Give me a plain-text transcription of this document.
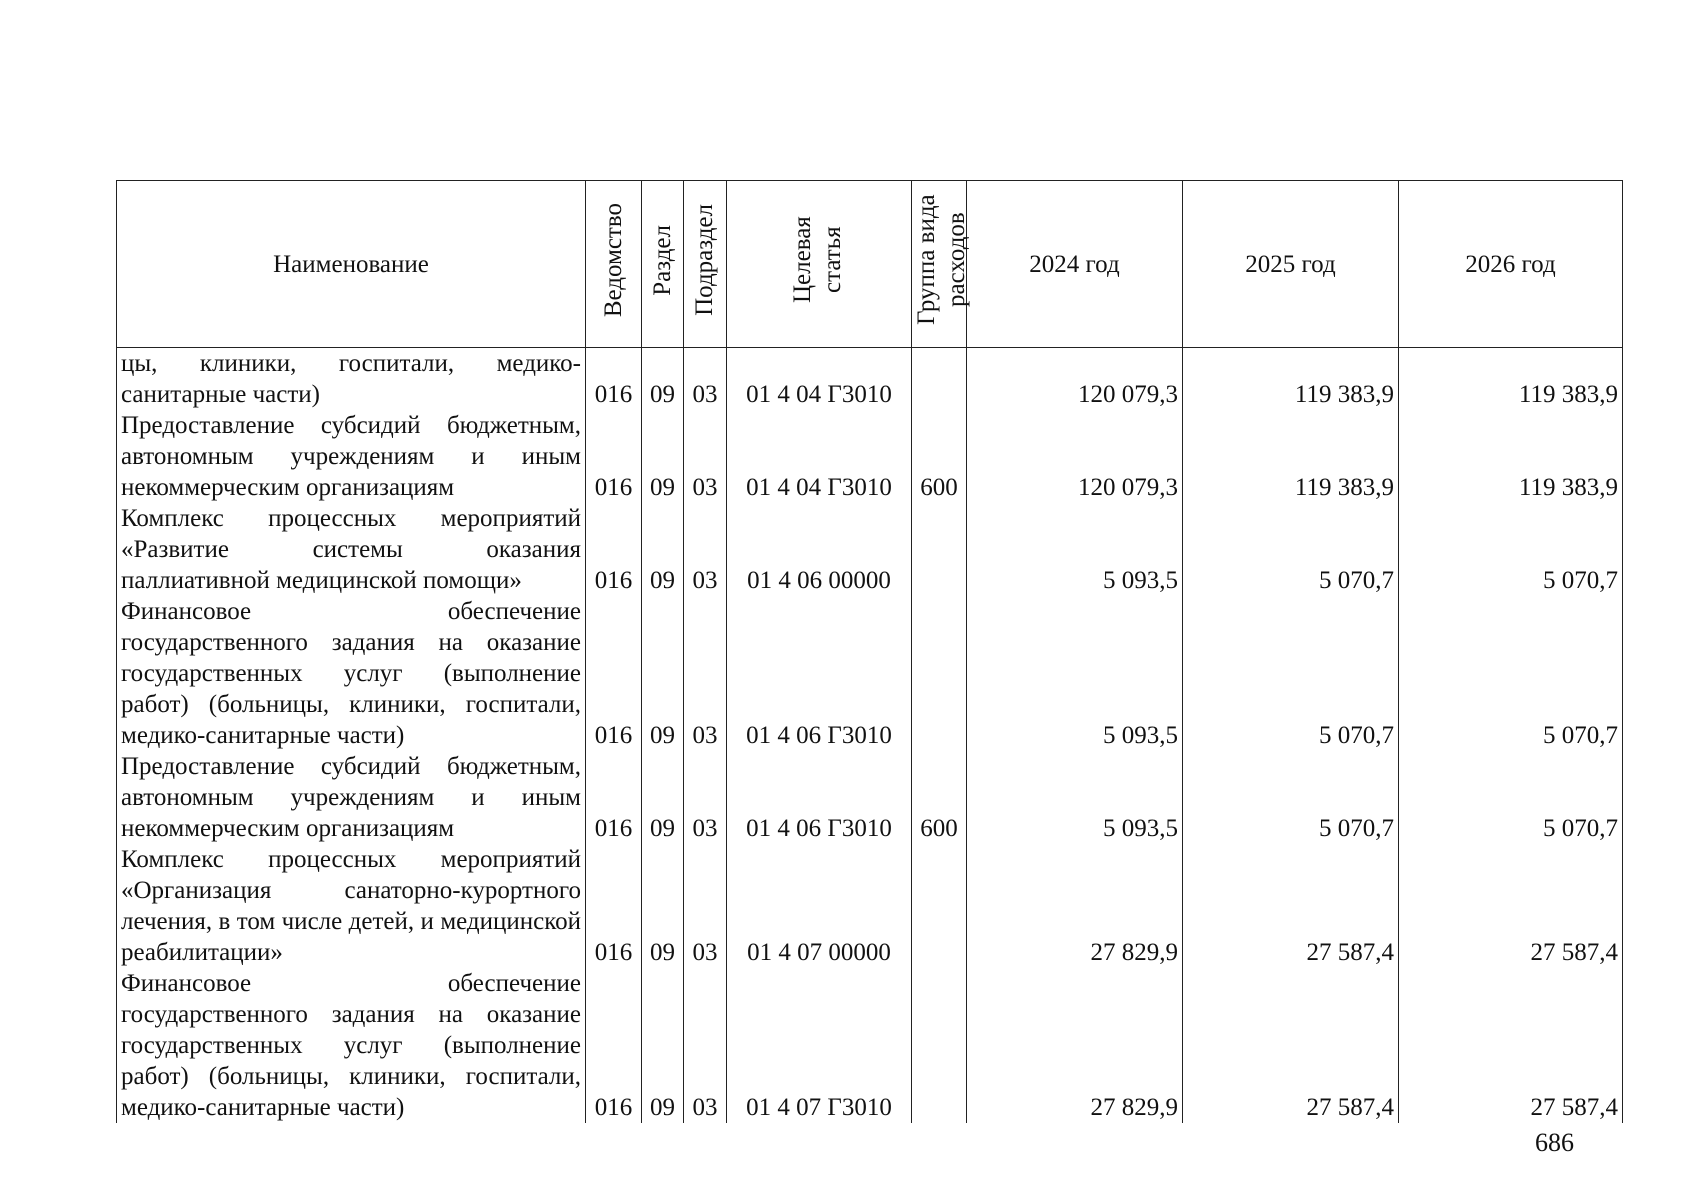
Наименование	Ведомство	Раздел	Подраздел	Целевая статья	Группа вида расходов	2024 год	2025 год	2026 год
цы, клиники, госпитали, медико-санитарные части)	016	09	03	01 4 04 Г3010		120 079,3	119 383,9	119 383,9
Предоставление субсидий бюджетным, автономным учреждениям и иным некоммерческим организациям	016	09	03	01 4 04 Г3010	600	120 079,3	119 383,9	119 383,9
Комплекс процессных мероприятий «Развитие системы оказания паллиативной медицинской помощи»	016	09	03	01 4 06 00000		5 093,5	5 070,7	5 070,7
Финансовое обеспечение государственного задания на оказание государственных услуг (выполнение работ) (больницы, клиники, госпитали, медико-санитарные части)	016	09	03	01 4 06 Г3010		5 093,5	5 070,7	5 070,7
Предоставление субсидий бюджетным, автономным учреждениям и иным некоммерческим организациям	016	09	03	01 4 06 Г3010	600	5 093,5	5 070,7	5 070,7
Комплекс процессных мероприятий «Организация санаторно-курортного лечения, в том числе детей, и медицинской реабилитации»	016	09	03	01 4 07 00000		27 829,9	27 587,4	27 587,4
Финансовое обеспечение государственного задания на оказание государственных услуг (выполнение работ) (больницы, клиники, госпитали, медико-санитарные части)	016	09	03	01 4 07 Г3010		27 829,9	27 587,4	27 587,4
686
